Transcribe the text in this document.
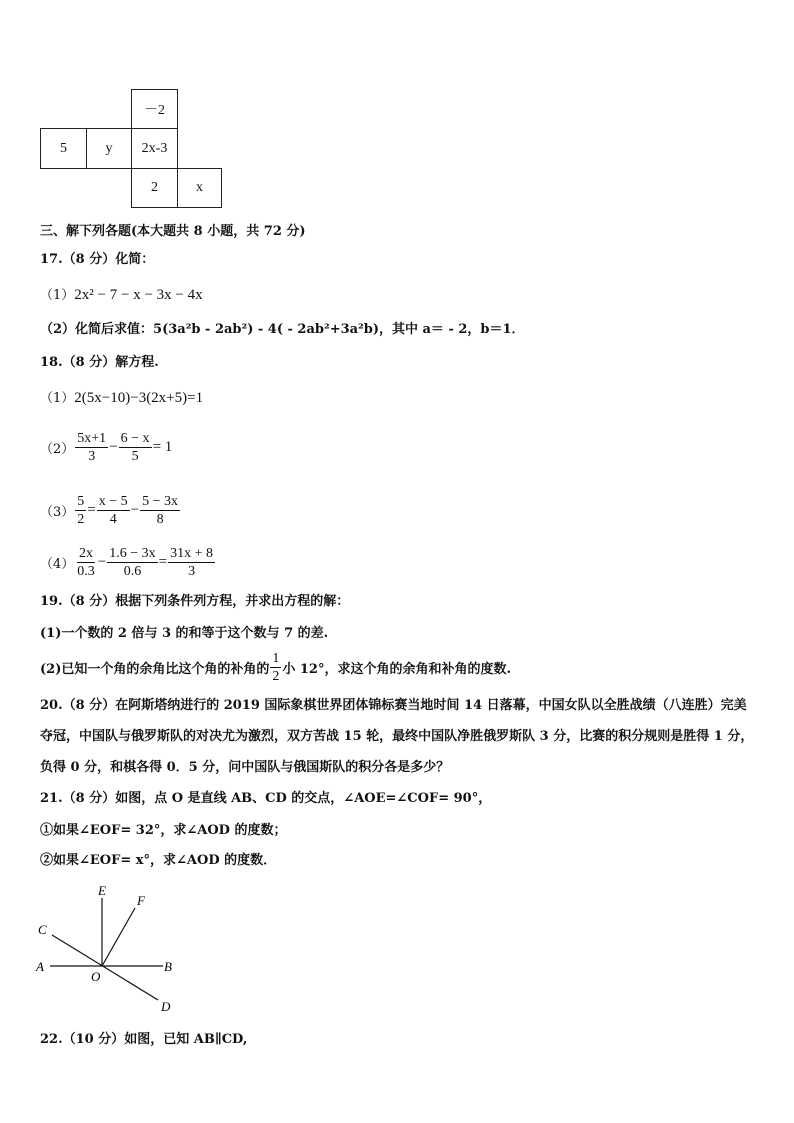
－2
5	y	2x-3
2	x
三、解下列各题(本大题共 8 小题，共 72 分)
17.（8 分）化简：
（1）2x² − 7 − x − 3x − 4x
（2）化简后求值：5(3a²b - 2ab²) - 4( - 2ab²+3a²b)，其中 a＝ - 2，b＝1．
18.（8 分）解方程.
（1）2(5x−10)−3(2x+5)=1
$(2) \frac{5x+1}{3} - \frac{6 - x}{5} = 1$
$(3) \frac{5}{2} = \frac{x - 5}{4} - \frac{5 - 3x}{8}$
$(4) \frac{2x}{0.3} - \frac{1.6 - 3x}{0.6} = \frac{31x + 8}{3}$
19.（8 分）根据下列条件列方程，并求出方程的解：
(1)一个数的 2 倍与 3 的和等于这个数与 7 的差.
(2)已知一个角的余角比这个角的补角的 $\frac{1}{2}$ 小 12°，求这个角的余角和补角的度数.
20.（8 分）在阿斯塔纳进行的 2019 国际象棋世界团体锦标赛当地时间 14 日落幕，中国女队以全胜战绩（八连胜）完美夺冠，中国队与俄罗斯队的对决尤为激烈，双方苦战 15 轮，最终中国队净胜俄罗斯队 3 分，比赛的积分规则是胜得 1 分，负得 0 分，和棋各得 0．5 分，问中国队与俄国斯队的积分各是多少？
21.（8 分）如图，点 O 是直线 AB、CD 的交点，∠AOE=∠COF= 90°，
①如果∠EOF= 32°，求∠AOD 的度数；
②如果∠EOF= x°，求∠AOD 的度数．
E
F
C
A
O
B
D
22.（10 分）如图，已知 AB∥CD,
